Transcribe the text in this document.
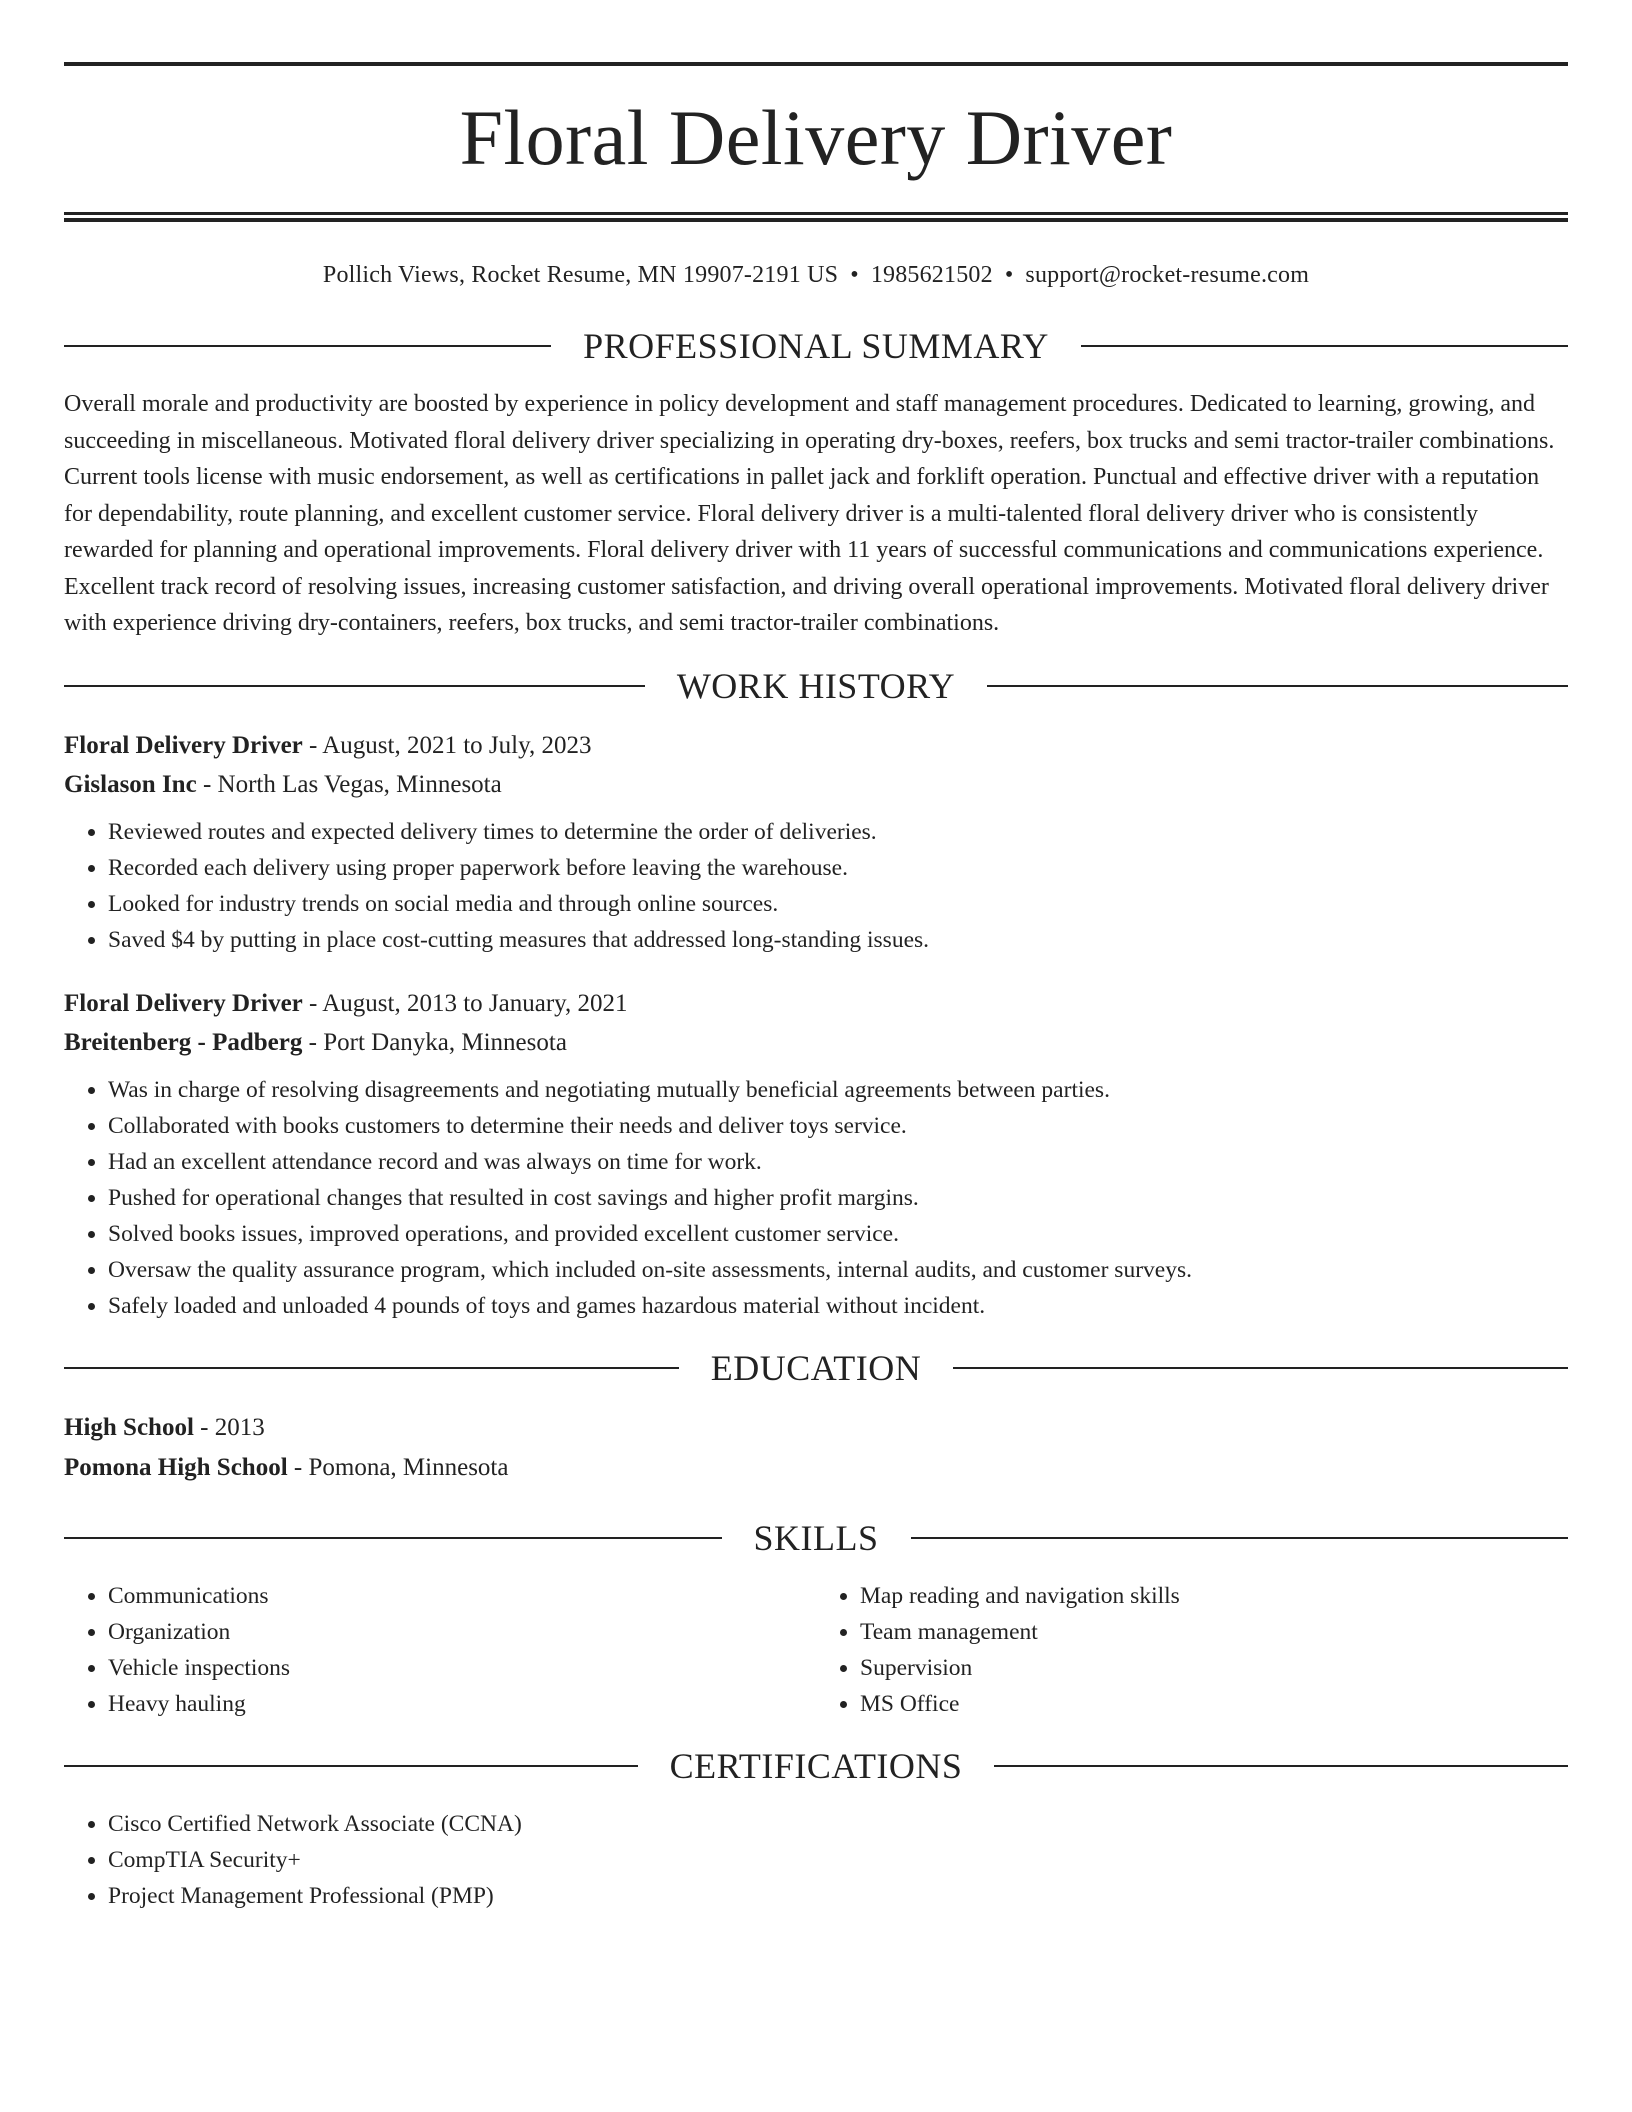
Floral Delivery Driver
Pollich Views, Rocket Resume, MN 19907-2191 US • 1985621502 • support@rocket-resume.com
PROFESSIONAL SUMMARY

Overall morale and productivity are boosted by experience in policy development and staff management procedures. Dedicated to learning, growing, and succeeding in miscellaneous. Motivated floral delivery driver specializing in operating dry-boxes, reefers, box trucks and semi tractor-trailer combinations. Current tools license with music endorsement, as well as certifications in pallet jack and forklift operation. Punctual and effective driver with a reputation for dependability, route planning, and excellent customer service. Floral delivery driver is a multi-talented floral delivery driver who is consistently rewarded for planning and operational improvements. Floral delivery driver with 11 years of successful communications and communications experience. Excellent track record of resolving issues, increasing customer satisfaction, and driving overall operational improvements. Motivated floral delivery driver with experience driving dry-containers, reefers, box trucks, and semi tractor-trailer combinations.

WORK HISTORY
Floral Delivery Driver - August, 2021 to July, 2023
Gislason Inc - North Las Vegas, Minnesota
• Reviewed routes and expected delivery times to determine the order of deliveries.
• Recorded each delivery using proper paperwork before leaving the warehouse.
• Looked for industry trends on social media and through online sources.
• Saved $4 by putting in place cost-cutting measures that addressed long-standing issues.
Floral Delivery Driver - August, 2013 to January, 2021
Breitenberg - Padberg - Port Danyka, Minnesota
• Was in charge of resolving disagreements and negotiating mutually beneficial agreements between parties.
• Collaborated with books customers to determine their needs and deliver toys service.
• Had an excellent attendance record and was always on time for work.
• Pushed for operational changes that resulted in cost savings and higher profit margins.
• Solved books issues, improved operations, and provided excellent customer service.
• Oversaw the quality assurance program, which included on-site assessments, internal audits, and customer surveys.
• Safely loaded and unloaded 4 pounds of toys and games hazardous material without incident.
EDUCATION
High School - 2013
Pomona High School - Pomona, Minnesota
SKILLS
• Communications
• Organization
• Vehicle inspections
• Heavy hauling
• Map reading and navigation skills
• Team management
• Supervision
• MS Office
CERTIFICATIONS
• Cisco Certified Network Associate (CCNA)
• CompTIA Security+
• Project Management Professional (PMP)
